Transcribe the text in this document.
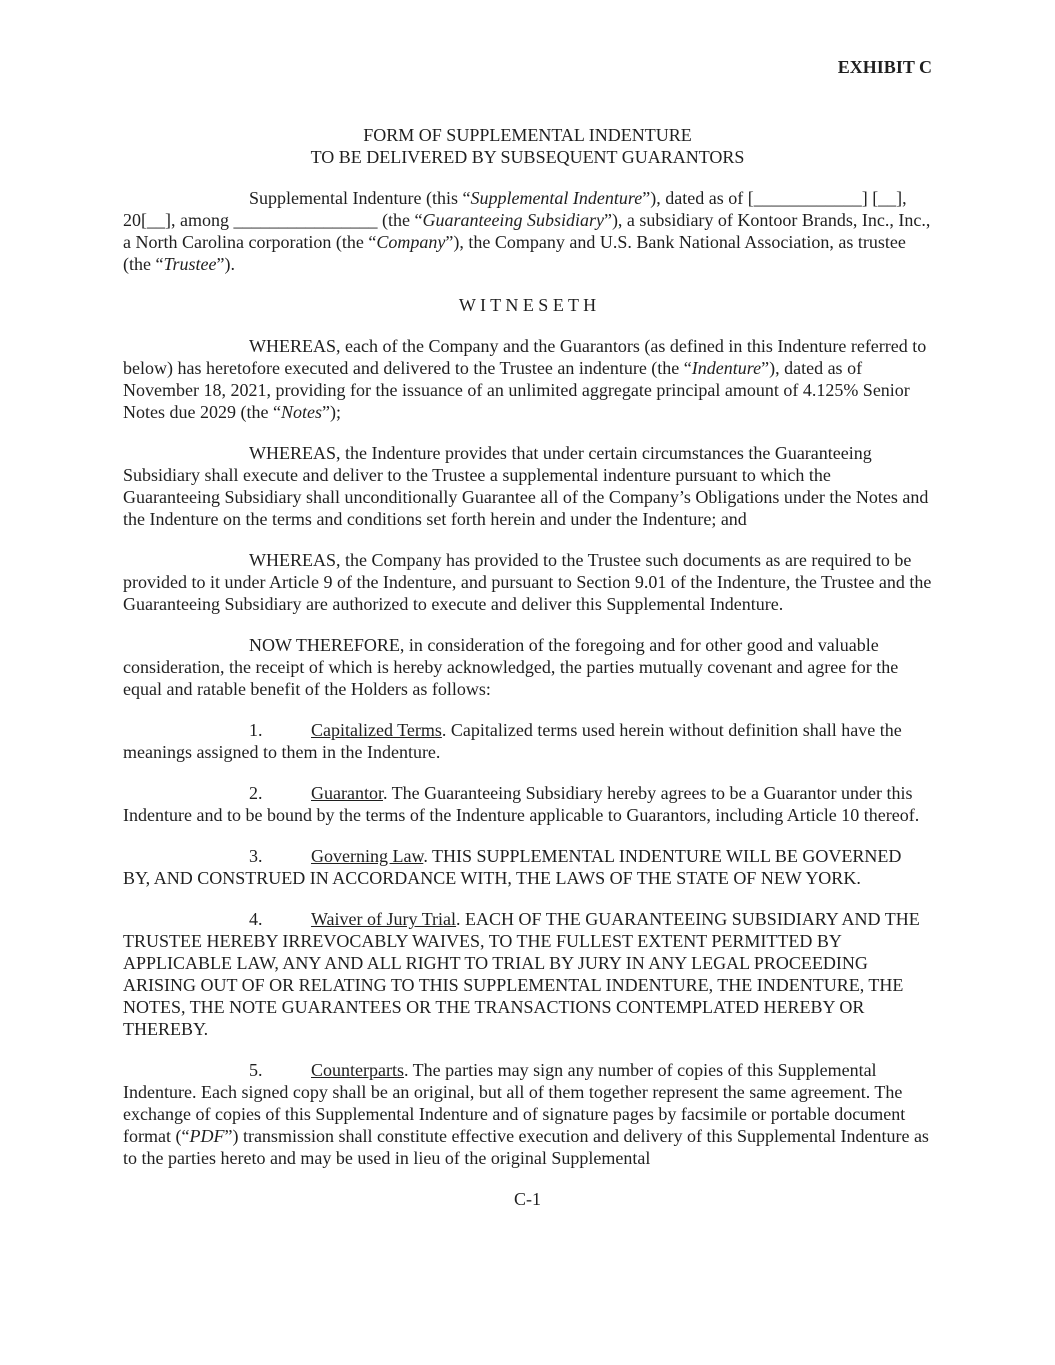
EXHIBIT C
FORM OF SUPPLEMENTAL INDENTURE
TO BE DELIVERED BY SUBSEQUENT GUARANTORS

Supplemental Indenture (this “Supplemental Indenture”), dated as of [____________] [__], 20[__], among ________________ (the “Guaranteeing Subsidiary”), a subsidiary of Kontoor Brands, Inc., Inc., a North Carolina corporation (the “Company”), the Company and U.S. Bank National Association, as trustee (the “Trustee”).

W I T N E S E T H

WHEREAS, each of the Company and the Guarantors (as defined in this Indenture referred to below) has heretofore executed and delivered to the Trustee an indenture (the “Indenture”), dated as of November 18, 2021, providing for the issuance of an unlimited aggregate principal amount of 4.125% Senior Notes due 2029 (the “Notes”);

WHEREAS, the Indenture provides that under certain circumstances the Guaranteeing Subsidiary shall execute and deliver to the Trustee a supplemental indenture pursuant to which the Guaranteeing Subsidiary shall unconditionally Guarantee all of the Company’s Obligations under the Notes and the Indenture on the terms and conditions set forth herein and under the Indenture; and

WHEREAS, the Company has provided to the Trustee such documents as are required to be provided to it under Article 9 of the Indenture, and pursuant to Section 9.01 of the Indenture, the Trustee and the Guaranteeing Subsidiary are authorized to execute and deliver this Supplemental Indenture.

NOW THEREFORE, in consideration of the foregoing and for other good and valuable consideration, the receipt of which is hereby acknowledged, the parties mutually covenant and agree for the equal and ratable benefit of the Holders as follows:

1.	Capitalized Terms. Capitalized terms used herein without definition shall have the meanings assigned to them in the Indenture.

2.	Guarantor. The Guaranteeing Subsidiary hereby agrees to be a Guarantor under this Indenture and to be bound by the terms of the Indenture applicable to Guarantors, including Article 10 thereof.

3.	Governing Law. THIS SUPPLEMENTAL INDENTURE WILL BE GOVERNED BY, AND CONSTRUED IN ACCORDANCE WITH, THE LAWS OF THE STATE OF NEW YORK.

4.	Waiver of Jury Trial. EACH OF THE GUARANTEEING SUBSIDIARY AND THE TRUSTEE HEREBY IRREVOCABLY WAIVES, TO THE FULLEST EXTENT PERMITTED BY APPLICABLE LAW, ANY AND ALL RIGHT TO TRIAL BY JURY IN ANY LEGAL PROCEEDING ARISING OUT OF OR RELATING TO THIS SUPPLEMENTAL INDENTURE, THE INDENTURE, THE NOTES, THE NOTE GUARANTEES OR THE TRANSACTIONS CONTEMPLATED HEREBY OR THEREBY.

5.	Counterparts. The parties may sign any number of copies of this Supplemental Indenture. Each signed copy shall be an original, but all of them together represent the same agreement. The exchange of copies of this Supplemental Indenture and of signature pages by facsimile or portable document format (“PDF”) transmission shall constitute effective execution and delivery of this Supplemental Indenture as to the parties hereto and may be used in lieu of the original Supplemental

C-1
